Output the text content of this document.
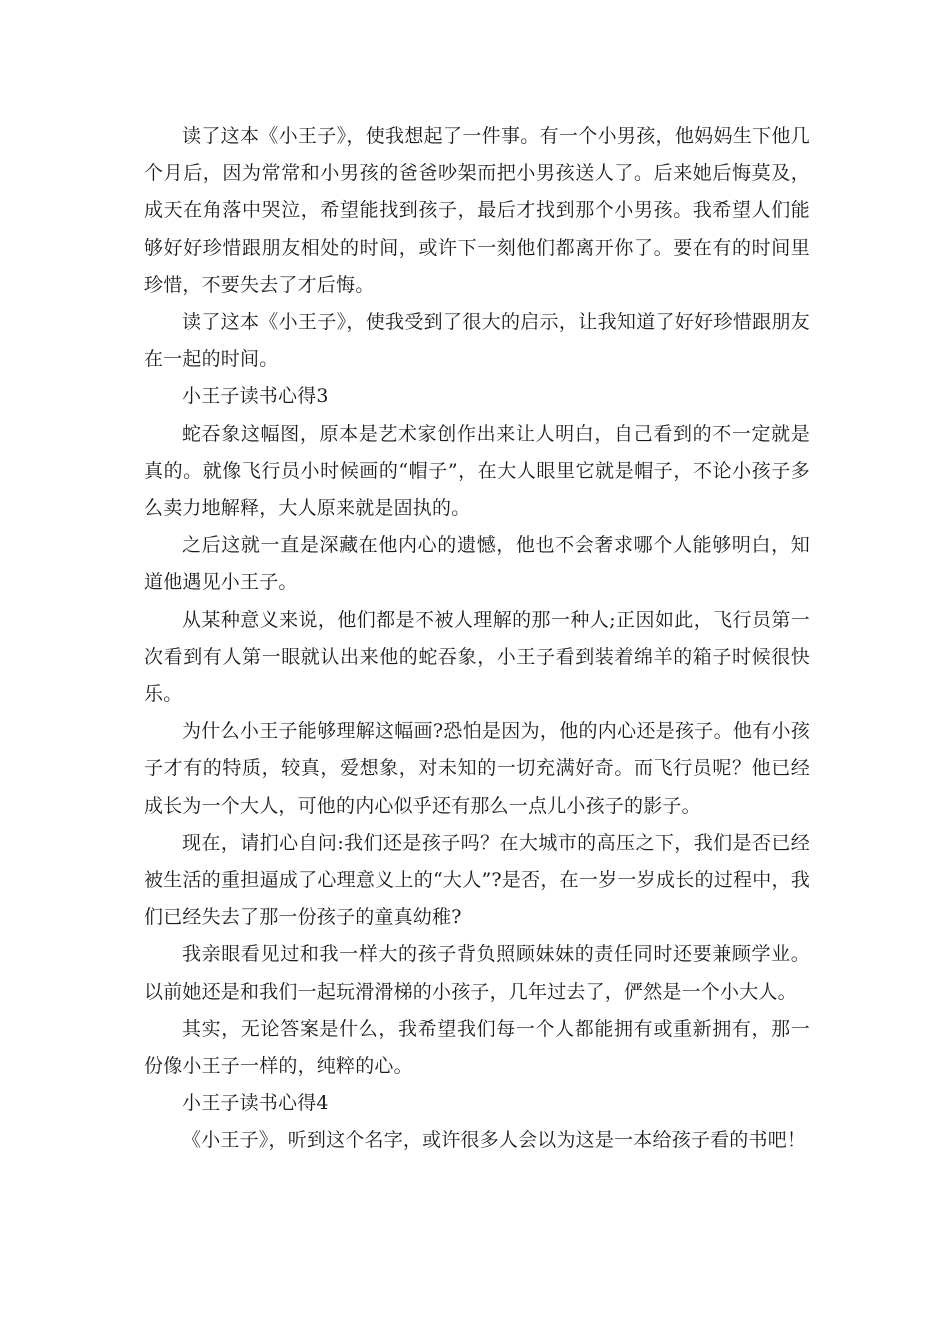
读了这本《小王子》，使我想起了一件事。有一个小男孩，他妈妈生下他几个月后，因为常常和小男孩的爸爸吵架而把小男孩送人了。后来她后悔莫及，成天在角落中哭泣，希望能找到孩子，最后才找到那个小男孩。我希望人们能够好好珍惜跟朋友相处的时间，或许下一刻他们都离开你了。要在有的时间里珍惜，不要失去了才后悔。

读了这本《小王子》，使我受到了很大的启示，让我知道了好好珍惜跟朋友在一起的时间。

小王子读书心得3

蛇吞象这幅图，原本是艺术家创作出来让人明白，自己看到的不一定就是真的。就像飞行员小时候画的“帽子”，在大人眼里它就是帽子，不论小孩子多么卖力地解释，大人原来就是固执的。

之后这就一直是深藏在他内心的遗憾，他也不会奢求哪个人能够明白，知道他遇见小王子。

从某种意义来说，他们都是不被人理解的那一种人;正因如此，飞行员第一次看到有人第一眼就认出来他的蛇吞象，小王子看到装着绵羊的箱子时候很快乐。

为什么小王子能够理解这幅画?恐怕是因为，他的内心还是孩子。他有小孩子才有的特质，较真，爱想象，对未知的一切充满好奇。而飞行员呢？他已经成长为一个大人，可他的内心似乎还有那么一点儿小孩子的影子。

现在，请扪心自问:我们还是孩子吗？在大城市的高压之下，我们是否已经被生活的重担逼成了心理意义上的“大人”?是否，在一岁一岁成长的过程中，我们已经失去了那一份孩子的童真幼稚?

我亲眼看见过和我一样大的孩子背负照顾妹妹的责任同时还要兼顾学业。以前她还是和我们一起玩滑滑梯的小孩子，几年过去了，俨然是一个小大人。

其实，无论答案是什么，我希望我们每一个人都能拥有或重新拥有，那一份像小王子一样的，纯粹的心。

小王子读书心得4

《小王子》，听到这个名字，或许很多人会以为这是一本给孩子看的书吧！
